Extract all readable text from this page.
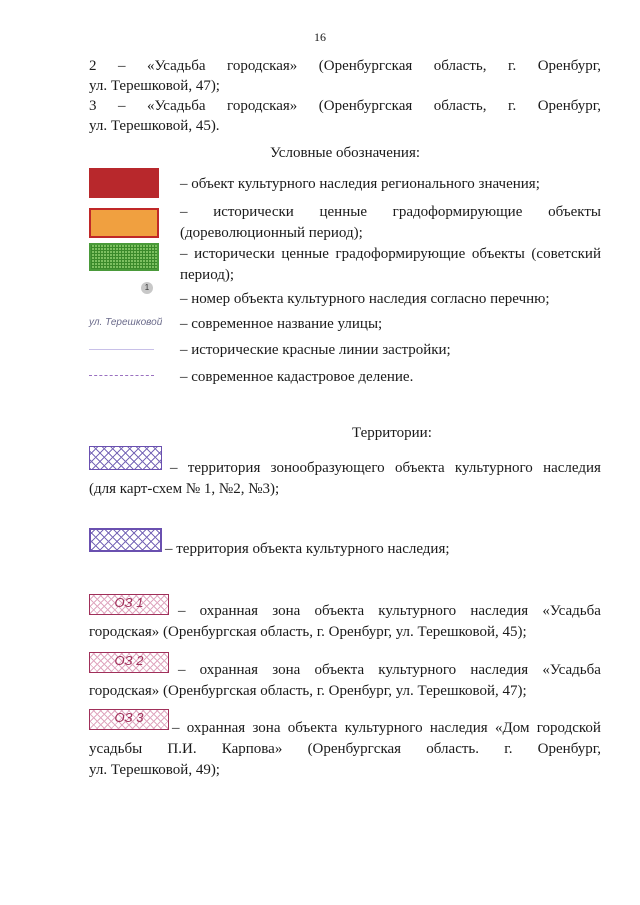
16
2 – «Усадьба городская» (Оренбургская область, г. Оренбург,
ул. Терешковой, 47);
3 – «Усадьба городская» (Оренбургская область, г. Оренбург,
ул. Терешковой, 45).
Условные обозначения:
– объект культурного наследия регионального значения;
– исторически ценные градоформирующие объекты
(дореволюционный период);
– исторически ценные градоформирующие объекты (советский
период);
1
– номер объекта культурного наследия согласно перечню;
ул. Терешковой – современное название улицы;
– исторические красные линии застройки;
– современное кадастровое деление.
Территории:
– территория зонообразующего объекта культурного наследия
(для карт-схем № 1, №2, №3);
– территория объекта культурного наследия;
ОЗ 1
– охранная зона объекта культурного наследия «Усадьба
городская» (Оренбургская область, г. Оренбург, ул. Терешковой, 45);
ОЗ 2
– охранная зона объекта культурного наследия «Усадьба
городская» (Оренбургская область, г. Оренбург, ул. Терешковой, 47);
ОЗ 3
– охранная зона объекта культурного наследия «Дом городской
усадьбы П.И. Карпова» (Оренбургская область. г. Оренбург,
ул. Терешковой, 49);
